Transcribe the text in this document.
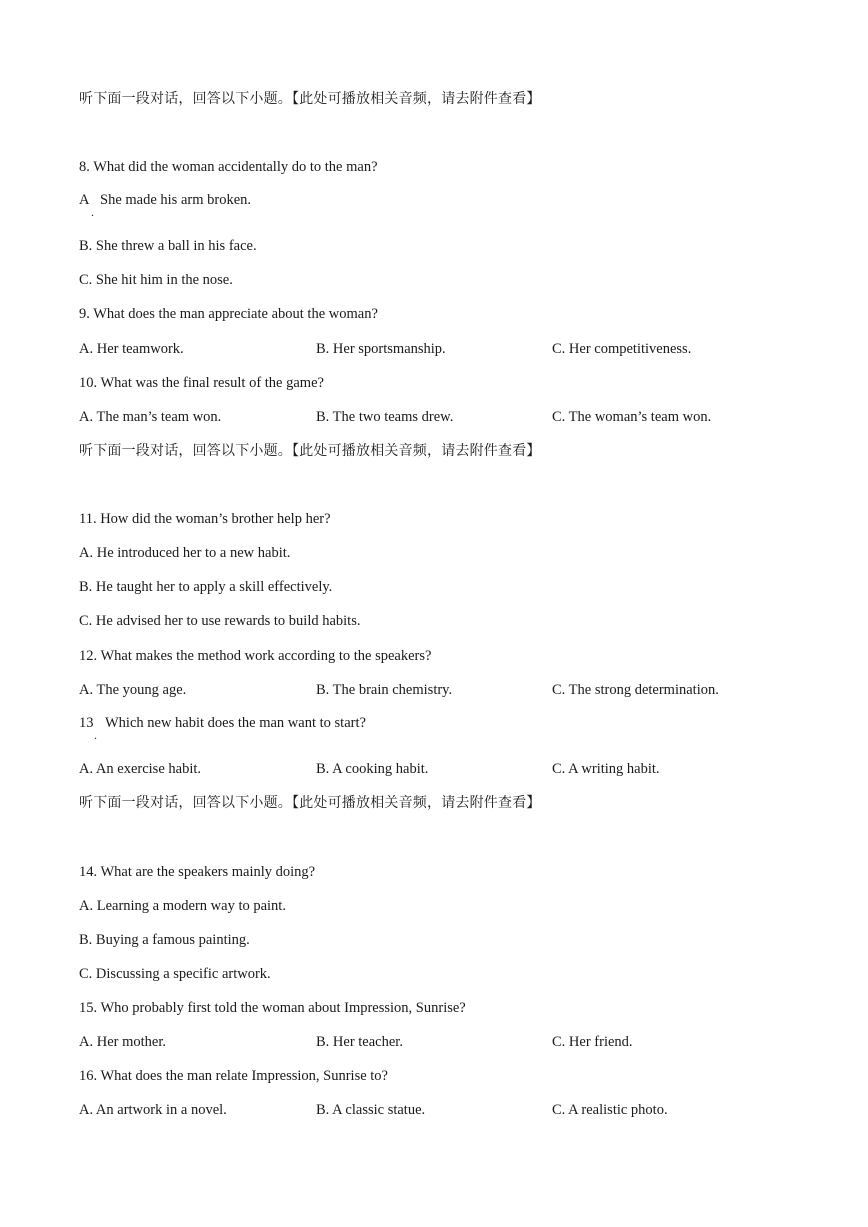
听下面一段对话，回答以下小题。【此处可播放相关音频，请去附件查看】
8. What did the woman accidentally do to the man?
A She made his arm broken.
.
B. She threw a ball in his face.
C. She hit him in the nose.
9. What does the man appreciate about the woman?
A. Her teamwork.	B. Her sportsmanship.	C. Her competitiveness.
10. What was the final result of the game?
A. The man’s team won.	B. The two teams drew.	C. The woman’s team won.
听下面一段对话，回答以下小题。【此处可播放相关音频，请去附件查看】
11. How did the woman’s brother help her?
A. He introduced her to a new habit.
B. He taught her to apply a skill effectively.
C. He advised her to use rewards to build habits.
12. What makes the method work according to the speakers?
A. The young age.	B. The brain chemistry.	C. The strong determination.
13 Which new habit does the man want to start?
.
A. An exercise habit.	B. A cooking habit.	C. A writing habit.
听下面一段对话，回答以下小题。【此处可播放相关音频，请去附件查看】
14. What are the speakers mainly doing?
A. Learning a modern way to paint.
B. Buying a famous painting.
C. Discussing a specific artwork.
15. Who probably first told the woman about Impression, Sunrise?
A. Her mother.	B. Her teacher.	C. Her friend.
16. What does the man relate Impression, Sunrise to?
A. An artwork in a novel.	B. A classic statue.	C. A realistic photo.
